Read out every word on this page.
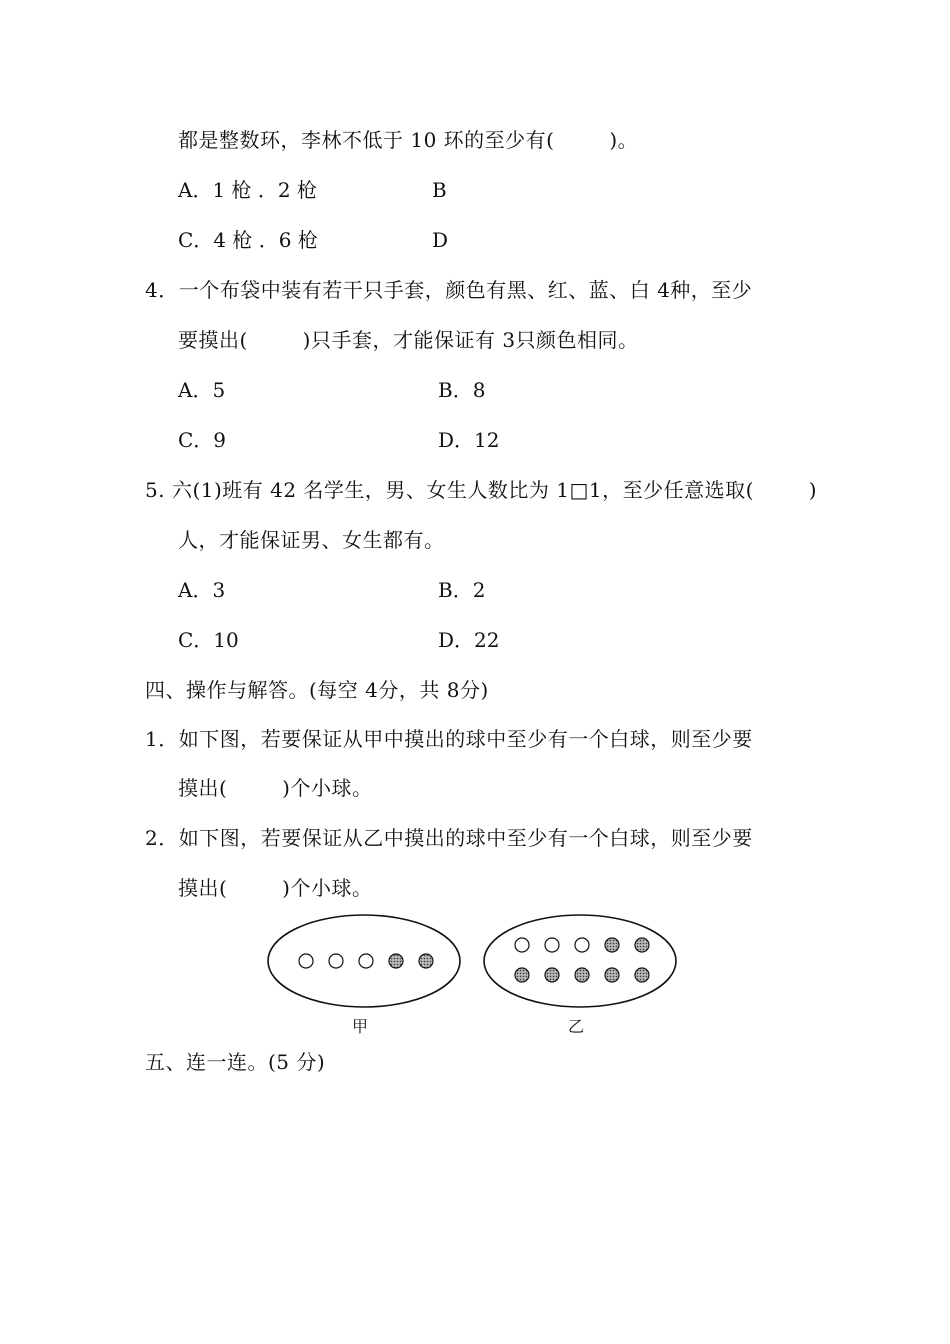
都是整数环，李林不低于 10 环的至少有(        )。
A．1 枪 ．2 枪	B
C．4 枪 ．6 枪	D
4．一个布袋中装有若干只手套，颜色有黑、红、蓝、白 4种，至少
要摸出(        )只手套，才能保证有 3只颜色相同。
A．5	B．8
C．9	D．12
5. 六(1)班有 42 名学生，男、女生人数比为 1□1，至少任意选取(        )
人，才能保证男、女生都有。
A．3	B．2
C．10	D．22
四、操作与解答。(每空 4分，共 8分)
1．如下图，若要保证从甲中摸出的球中至少有一个白球，则至少要
摸出(        )个小球。
2．如下图，若要保证从乙中摸出的球中至少有一个白球，则至少要
摸出(        )个小球。
甲	乙
五、连一连。(5 分)
